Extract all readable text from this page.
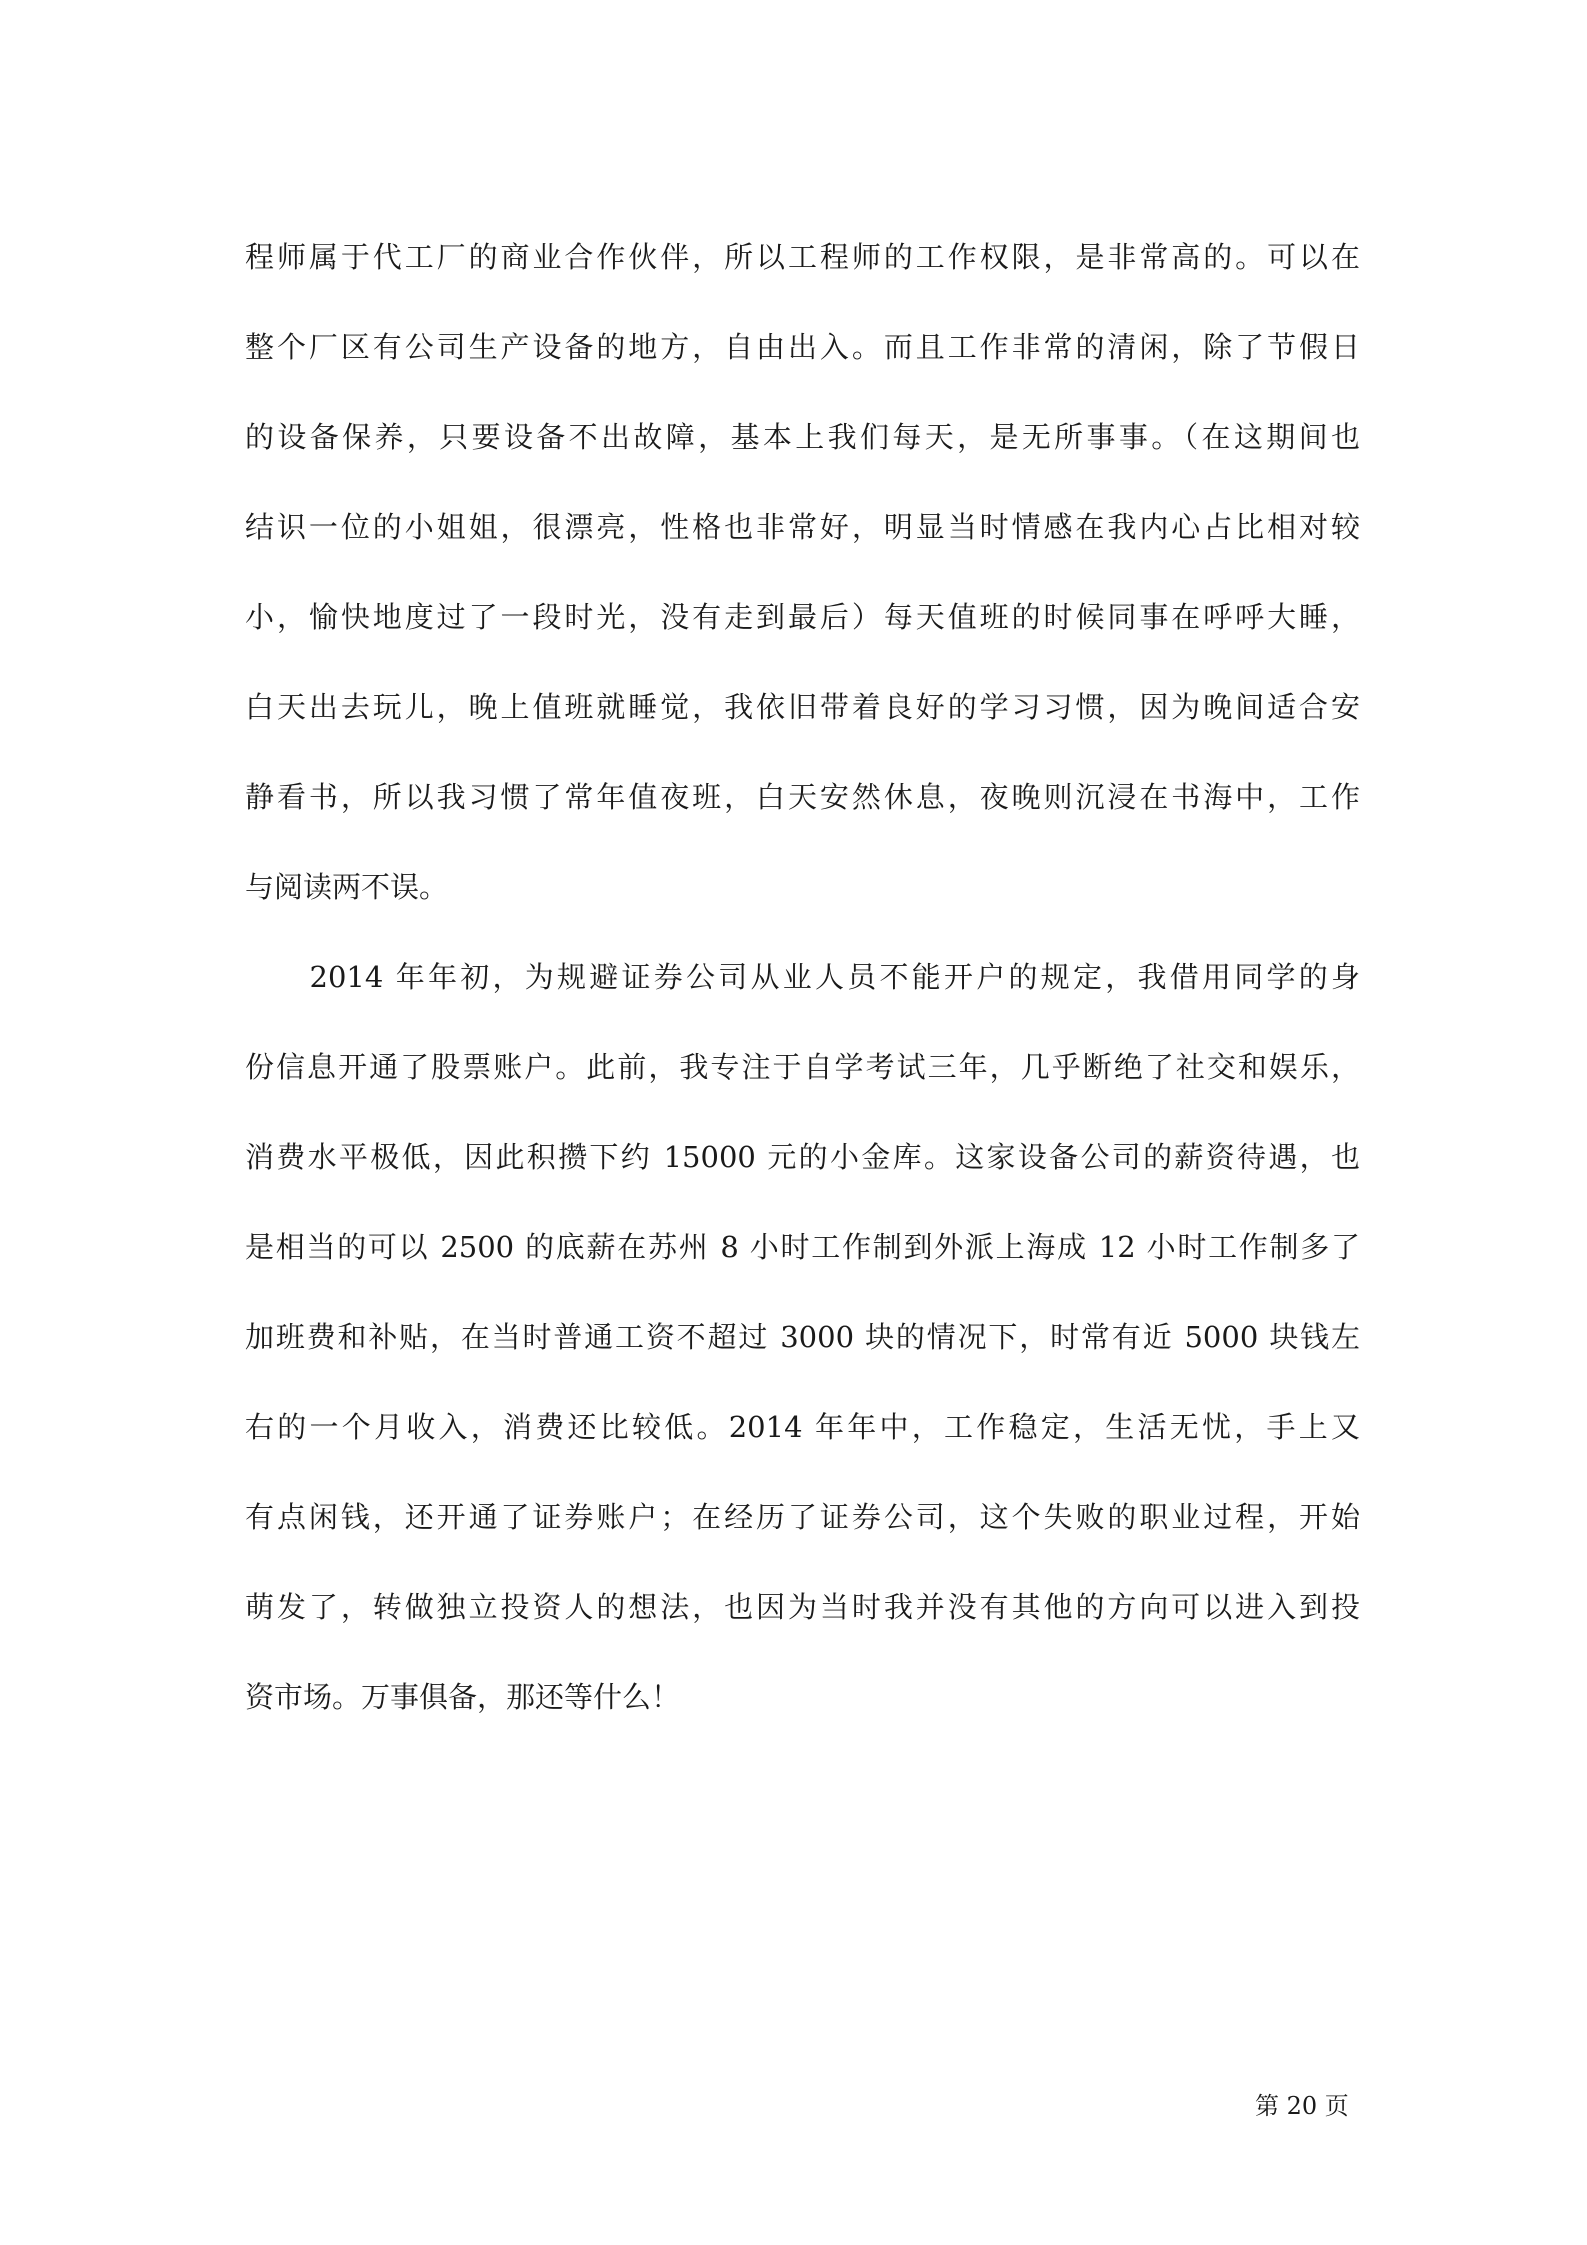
程师属于代工厂的商业合作伙伴，所以工程师的工作权限，是非常高的。可以在
整个厂区有公司生产设备的地方，自由出入。而且工作非常的清闲，除了节假日
的设备保养，只要设备不出故障，基本上我们每天，是无所事事。（在这期间也
结识一位的小姐姐，很漂亮，性格也非常好，明显当时情感在我内心占比相对较
小，愉快地度过了一段时光，没有走到最后）每天值班的时候同事在呼呼大睡，
白天出去玩儿，晚上值班就睡觉，我依旧带着良好的学习习惯，因为晚间适合安
静看书，所以我习惯了常年值夜班，白天安然休息，夜晚则沉浸在书海中，工作
与阅读两不误。
　　2014 年年初，为规避证券公司从业人员不能开户的规定，我借用同学的身
份信息开通了股票账户。此前，我专注于自学考试三年，几乎断绝了社交和娱乐，
消费水平极低，因此积攒下约 15000 元的小金库。这家设备公司的薪资待遇，也
是相当的可以 2500 的底薪在苏州 8 小时工作制到外派上海成 12 小时工作制多了
加班费和补贴，在当时普通工资不超过 3000 块的情况下，时常有近 5000 块钱左
右的一个月收入，消费还比较低。2014 年年中，工作稳定，生活无忧，手上又
有点闲钱，还开通了证券账户；在经历了证券公司，这个失败的职业过程，开始
萌发了，转做独立投资人的想法，也因为当时我并没有其他的方向可以进入到投
资市场。万事俱备，那还等什么！
第 20 页
